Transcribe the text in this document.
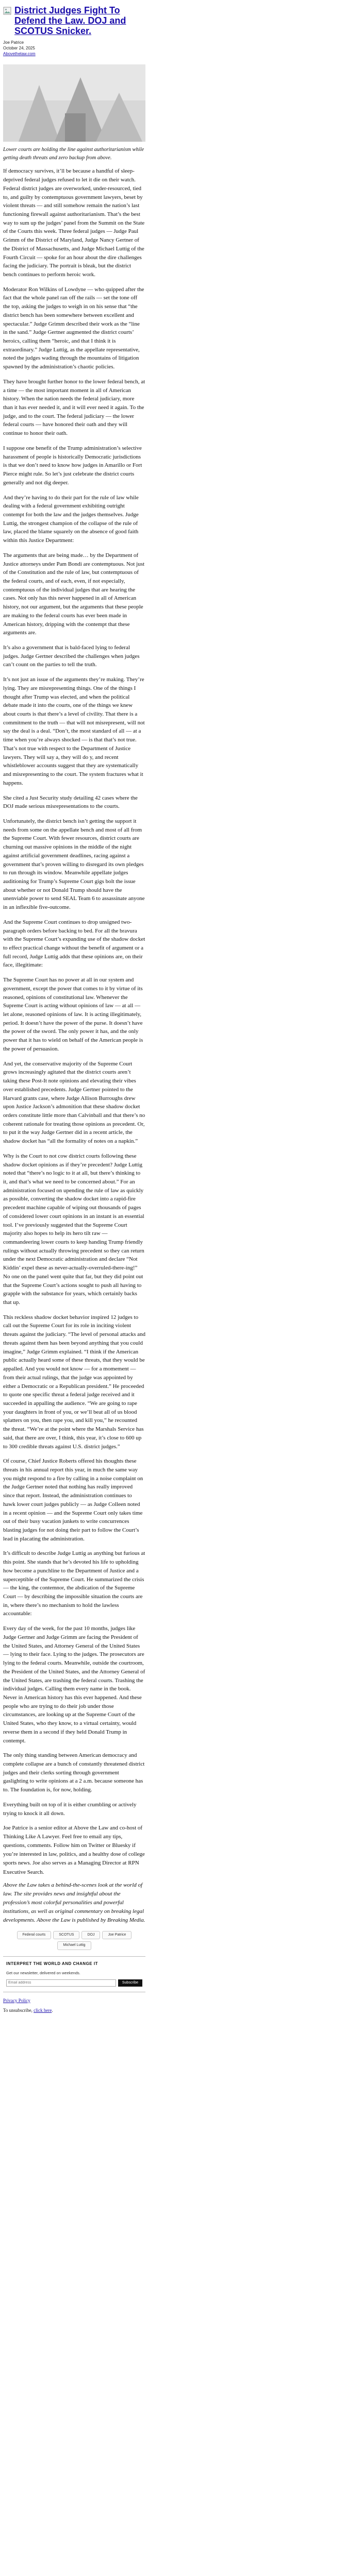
District Judges Fight To Defend the Law. DOJ and SCOTUS Snicker.
Joe Patrice
October 24, 2025
Abovethelaw.com

Lower courts are holding the line against authoritarianism while getting death threats and zero backup from above.

If democracy survives, it’ll be because a handful of sleep-deprived federal judges refused to let it die on their watch. Federal district judges are overworked, under-resourced, tied to, and guilty by contemptuous government lawyers, beset by violent threats — and still somehow remain the nation’s last functioning firewall against authoritarianism. That’s the best way to sum up the judges’ panel from the Summit on the State of the Courts this week. Three federal judges — Judge Paul Grimm of the District of Maryland, Judge Nancy Gertner of the District of Massachusetts, and Judge Michael Luttig of the Fourth Circuit — spoke for an hour about the dire challenges facing the judiciary. The portrait is bleak, but the district bench continues to perform heroic work.

Moderator Ron Wilkins of Lowdyne — who quipped after the fact that the whole panel ran off the rails — set the tone off the top, asking the judges to weigh in on his sense that “the district bench has been somewhere between excellent and spectacular.” Judge Grimm described their work as the “line in the sand.” Judge Gertner augmented the district courts’ heroics, calling them “heroic, and that I think it is extraordinary.” Judge Luttig, as the appellate representative, noted the judges wading through the mountains of litigation spawned by the administration’s chaotic policies.

They have brought further honor to the lower federal bench, at a time — the most important moment in all of American history. When the nation needs the federal judiciary, more than it has ever needed it, and it will ever need it again. To the judge, and to the court. The federal judiciary — the lower federal courts — have honored their oath and they will continue to honor their oath.

I suppose one benefit of the Trump administration’s selective harassment of people is historically Democratic jurisdictions is that we don’t need to know how judges in Amarillo or Fort Pierce might rule. So let’s just celebrate the district courts generally and not dig deeper.

And they’re having to do their part for the rule of law while dealing with a federal government exhibiting outright contempt for both the law and the judges themselves. Judge Luttig, the strongest champion of the collapse of the rule of law, placed the blame squarely on the absence of good faith within this Justice Department:

The arguments that are being made… by the Department of Justice attorneys under Pam Bondi are contemptuous. Not just of the Constitution and the rule of law, but contemptuous of the federal courts, and of each, even, if not especially, contemptuous of the individual judges that are hearing the cases. Not only has this never happened in all of American history, not our argument, but the arguments that these people are making to the federal courts has ever been made in American history, dripping with the contempt that these arguments are.

It’s also a government that is bald-faced lying to federal judges. Judge Gertner described the challenges when judges can’t count on the parties to tell the truth.

It’s not just an issue of the arguments they’re making. They’re lying. They are misrepresenting things. One of the things I thought after Trump was elected, and when the political debate made it into the courts, one of the things we knew about courts is that there’s a level of civility. That there is a commitment to the truth — that will not misrepresent, will not say the deal is a deal. “Don’t, the most standard of all — at a time when you’re always shocked — is that that’s not true. That’s not true with respect to the Department of Justice lawyers. They will say a, they will do y, and recent whistleblower accounts suggest that they are systematically and misrepresenting to the court. The system fractures what it happens.

She cited a Just Security study detailing 42 cases where the DOJ made serious misrepresentations to the courts.

Unfortunately, the district bench isn’t getting the support it needs from some on the appellate bench and most of all from the Supreme Court. With fewer resources, district courts are churning out massive opinions in the middle of the night against artificial government deadlines, racing against a government that’s proven willing to disregard its own pledges to run through its window. Meanwhile appellate judges auditioning for Trump’s Supreme Court gigs bolt the issue about whether or not Donald Trump should have the unenviable power to send SEAL Team 6 to assassinate anyone in an inflexible five-outcome.

And the Supreme Court continues to drop unsigned two-paragraph orders before backing to bed. For all the bravura with the Supreme Court’s expanding use of the shadow docket to effect practical change without the benefit of argument or a full record, Judge Luttig adds that these opinions are, on their face, illegitimate:

The Supreme Court has no power at all in our system and government, except the power that comes to it by virtue of its reasoned, opinions of constitutional law. Whenever the Supreme Court is acting without opinions of law — at all — let alone, reasoned opinions of law. It is acting illegitimately, period. It doesn’t have the power of the purse. It doesn’t have the power of the sword. The only power it has, and the only power that it has to wield on behalf of the American people is the power of persuasion.

And yet, the conservative majority of the Supreme Court grows increasingly agitated that the district courts aren’t taking these Post-It note opinions and elevating their vibes over established precedents. Judge Gertner pointed to the Harvard grants case, where Judge Allison Burroughs drew upon Justice Jackson’s admonition that these shadow docket orders constitute little more than Calvinball and that there’s no coherent rationale for treating those opinions as precedent. Or, to put it the way Judge Gertner did in a recent article, the shadow docket has “all the formality of notes on a napkin.”

Why is the Court to not cow district courts following these shadow docket opinions as if they’re precedent? Judge Luttig noted that “there’s no logic to it at all, but there’s thinking to it, and that’s what we need to be concerned about.” For an administration focused on upending the rule of law as quickly as possible, converting the shadow docket into a rapid-fire precedent machine capable of wiping out thousands of pages of considered lower court opinions in an instant is an essential tool. I’ve previously suggested that the Supreme Court majority also hopes to help its hero tilt raw — commandeering lower courts to keep handing Trump friendly rulings without actually throwing precedent so they can return under the next Democratic administration and declare “Not Kiddin’ expel these as never-actually-overruled-there-ing!” No one on the panel went quite that far, but they did point out that the Supreme Court’s actions sought to push all having to grapple with the substance for years, which certainly backs that up.

This reckless shadow docket behavior inspired 12 judges to call out the Supreme Court for its role in inciting violent threats against the judiciary. “The level of personal attacks and threats against them has been beyond anything that you could imagine,” Judge Grimm explained. “I think if the American public actually heard some of these threats, that they would be appalled. And you would not know — for a momement — from their actual rulings, that the judge was appointed by either a Democratic or a Republican president.” He proceeded to quote one specific threat a federal judge received and it succeeded in appalling the audience. “We are going to rape your daughters in front of you, or we’ll beat all of us blood splatters on you, then rape you, and kill you,” he recounted the threat. “We’re at the point where the Marshals Service has said, that there are over, I think, this year, it’s close to 600 up to 300 credible threats against U.S. district judges.”

Of course, Chief Justice Roberts offered his thoughts these threats in his annual report this year, in much the same way you might respond to a fire by calling in a noise complaint on the Judge Gertner noted that nothing has really improved since that report. Instead, the administration continues to hawk lower court judges publicly — as Judge Colleen noted in a recent opinion — and the Supreme Court only takes time out of their busy vacation junkets to write concurrences blasting judges for not doing their part to follow the Court’s lead in placating the administration.

It’s difficult to describe Judge Luttig as anything but furious at this point. She stands that he’s devoted his life to upholding how become a punchline to the Department of Justice and a superceptible of the Supreme Court. He summarized the crisis — the king, the contemnor, the abdication of the Supreme Court — by describing the impossible situation the courts are in, where there’s no mechanism to hold the lawless accountable:

Every day of the week, for the past 10 months, judges like Judge Gertner and Judge Grimm are facing the President of the United States, and Attorney General of the United States — lying to their face. Lying to the judges. The prosecutors are lying to the federal courts. Meanwhile, outside the courtroom, the President of the United States, and the Attorney General of the United States, are trashing the federal courts. Trashing the individual judges. Calling them every name in the book. Never in American history has this ever happened. And these people who are trying to do their job under those circumstances, are looking up at the Supreme Court of the United States, who they know, to a virtual certainty, would reverse them in a second if they held Donald Trump in contempt.

The only thing standing between American democracy and complete collapse are a bunch of constantly threatened district judges and their clerks sorting through government gaslighting to write opinions at a 2 a.m. because someone has to. The foundation is, for now, holding.

Everything built on top of it is either crumbling or actively trying to knock it all down.

Joe Patrice is a senior editor at Above the Law and co-host of Thinking Like A Lawyer. Feel free to email any tips, questions, comments. Follow him on Twitter or Bluesky if you’re interested in law, politics, and a healthy dose of college sports news. Joe also serves as a Managing Director at RPN Executive Search.

Above the Law takes a behind-the-scenes look at the world of law. The site provides news and insightful about the profession’s most colorful personalities and powerful institutions, as well as original commentary on breaking legal developments. Above the Law is published by Breaking Media.

Federal courts	SCOTUS	DOJ	Joe Patrice
Michael Luttig
INTERPRET THE WORLD AND CHANGE IT
Get our newsletter, delivered on weekends.
Email address
Subscribe
Privacy Policy
To unsubscribe, click here.
